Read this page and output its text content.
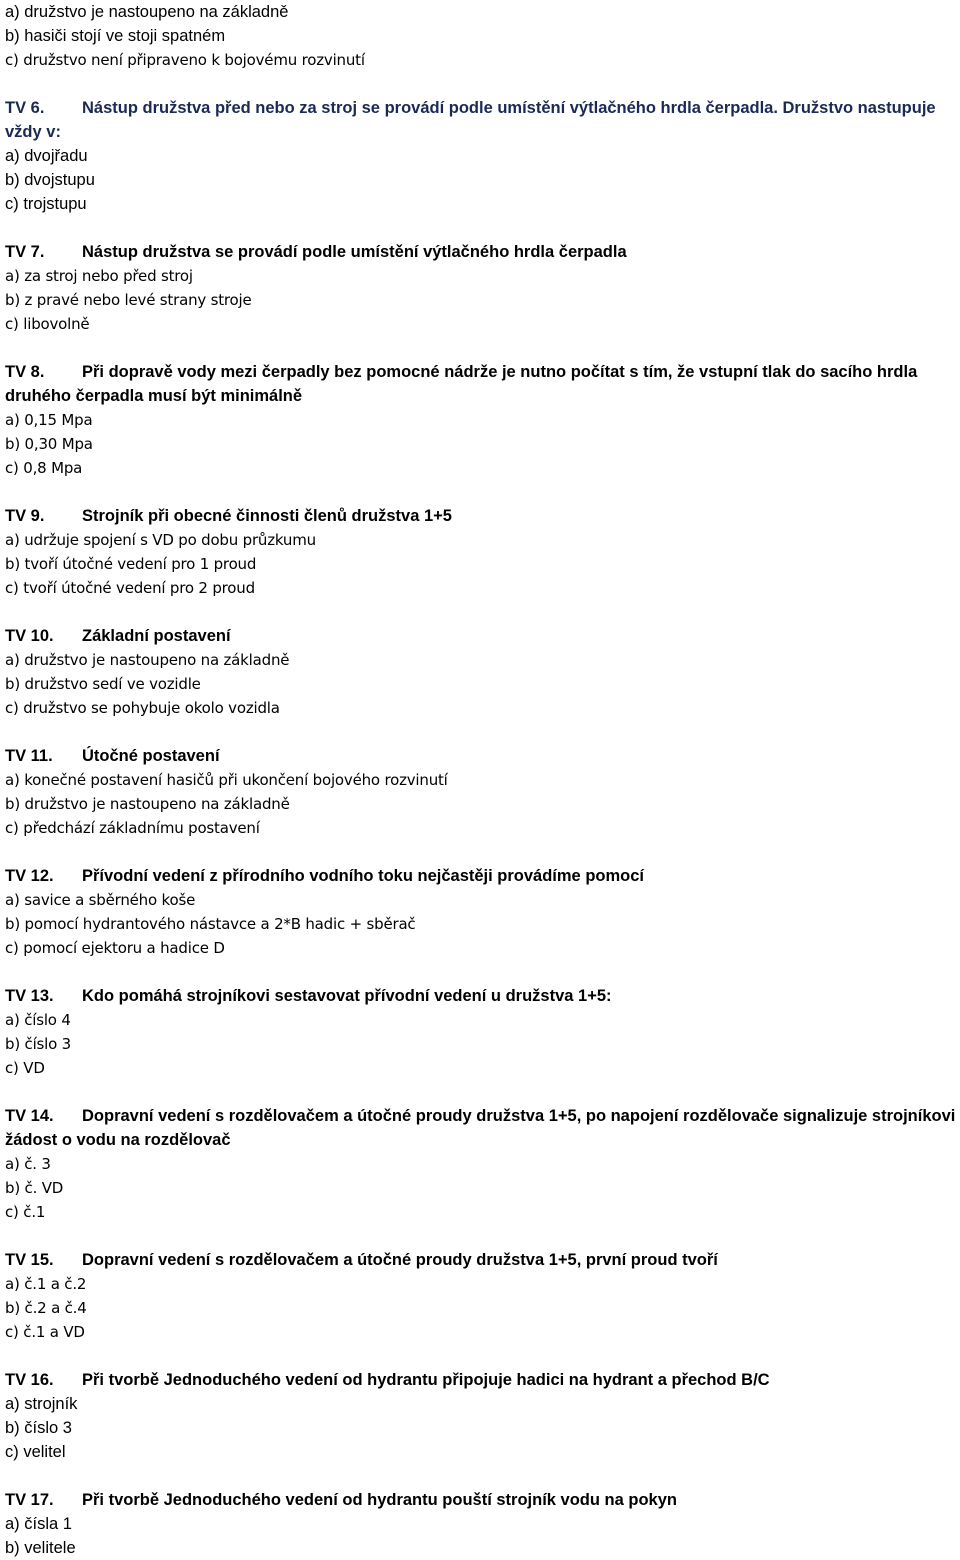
a) družstvo je nastoupeno na základně
b) hasiči stojí ve stoji spatném
c) družstvo není připraveno k bojovému rozvinutí
TV 6. Nástup družstva před nebo za stroj se provádí podle umístění výtlačného hrdla čerpadla. Družstvo nastupuje vždy v:
a) dvojřadu
b) dvojstupu
c) trojstupu
TV 7. Nástup družstva se provádí podle umístění výtlačného hrdla čerpadla
a) za stroj nebo před stroj
b) z pravé nebo levé strany stroje
c) libovolně
TV 8. Při dopravě vody mezi čerpadly bez pomocné nádrže je nutno počítat s tím, že vstupní tlak do sacího hrdla druhého čerpadla musí být minimálně
a) 0,15 Mpa
b) 0,30 Mpa
c) 0,8 Mpa
TV 9. Strojník při obecné činnosti členů družstva 1+5
a) udržuje spojení s VD po dobu průzkumu
b) tvoří útočné vedení pro 1 proud
c) tvoří útočné vedení pro 2 proud
TV 10. Základní postavení
a) družstvo je nastoupeno na základně
b) družstvo sedí ve vozidle
c) družstvo se pohybuje okolo vozidla
TV 11. Útočné postavení
a) konečné postavení hasičů při ukončení bojového rozvinutí
b) družstvo je nastoupeno na základně
c) předchází základnímu postavení
TV 12. Přívodní vedení z přírodního vodního toku nejčastěji provádíme pomocí
a) savice a sběrného koše
b) pomocí hydrantového nástavce a 2*B hadic + sběrač
c) pomocí ejektoru a hadice D
TV 13. Kdo pomáhá strojníkovi sestavovat přívodní vedení u družstva 1+5:
a) číslo 4
b) číslo 3
c) VD
TV 14. Dopravní vedení s rozdělovačem a útočné proudy družstva 1+5, po napojení rozdělovače signalizuje strojníkovi žádost o vodu na rozdělovač
a) č. 3
b) č. VD
c) č.1
TV 15. Dopravní vedení s rozdělovačem a útočné proudy družstva 1+5, první proud tvoří
a) č.1 a č.2
b) č.2 a č.4
c) č.1 a VD
TV 16. Při tvorbě Jednoduchého vedení od hydrantu připojuje hadici na hydrant a přechod B/C
a) strojník
b) číslo 3
c) velitel
TV 17. Při tvorbě Jednoduchého vedení od hydrantu pouští strojník vodu na pokyn
a) čísla 1
b) velitele
